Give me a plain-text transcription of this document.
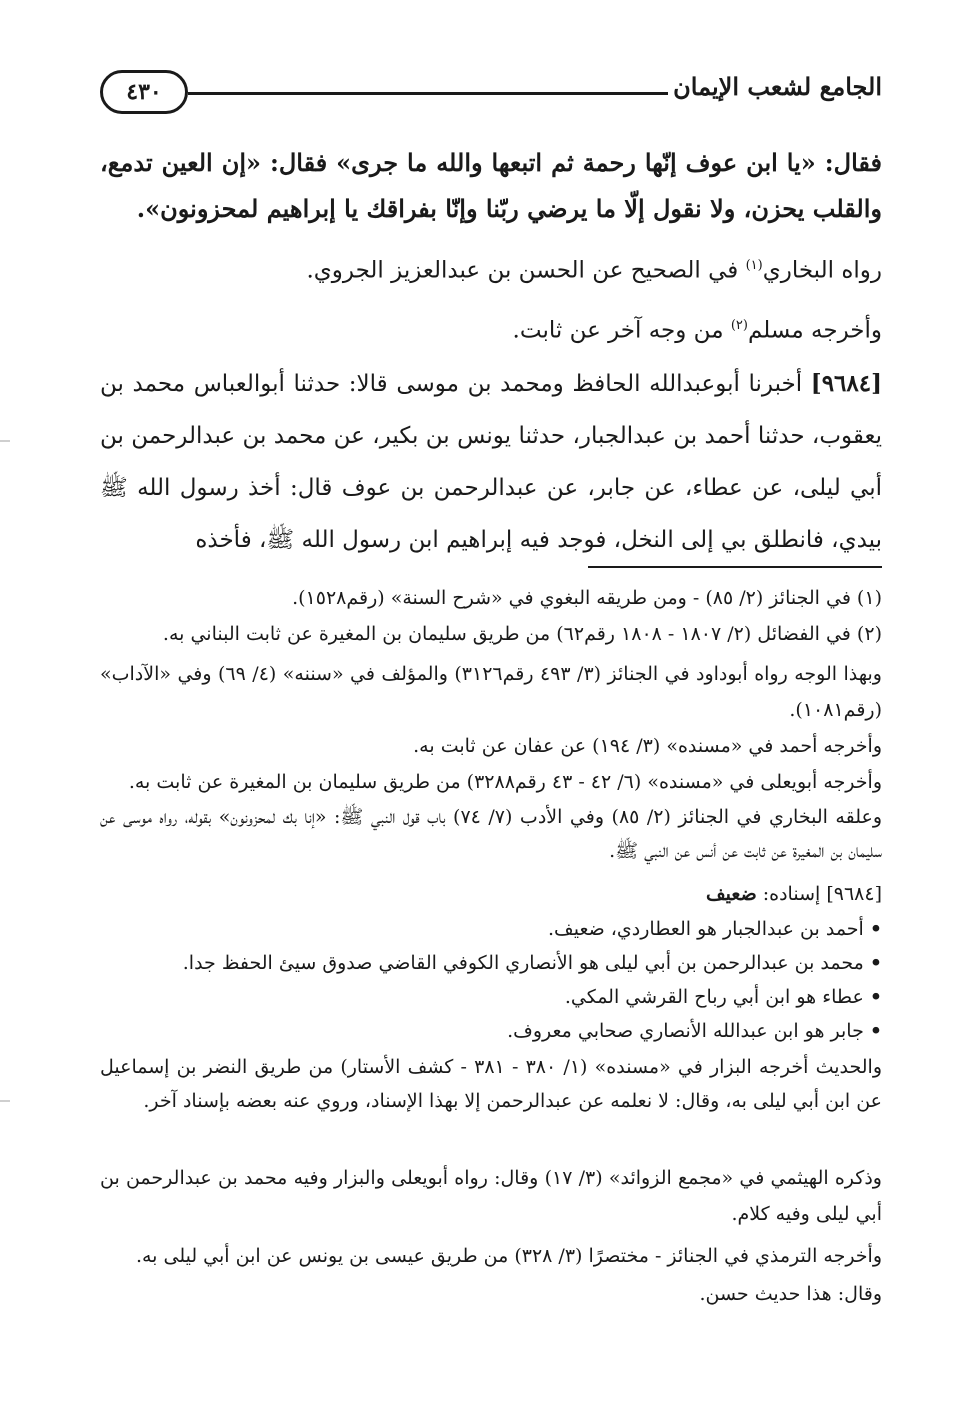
٤٣٠	الجامع لشعب الإيمان
فقال: «يا ابن عوف إنّها رحمة ثم اتبعها والله ما جرى» فقال: «إن العين تدمع، والقلب يحزن، ولا نقول إلّا ما يرضي ربّنا وإنّا بفراقك يا إبراهيم لمحزونون».
رواه البخاري$^{(١)}$ في الصحيح عن الحسن بن عبدالعزيز الجروي.
وأخرجه مسلم$^{(٢)}$ من وجه آخر عن ثابت.
[٩٦٨٤] أخبرنا أبوعبدالله الحافظ ومحمد بن موسى قالا: حدثنا أبوالعباس محمد بن يعقوب، حدثنا أحمد بن عبدالجبار، حدثنا يونس بن بكير، عن محمد بن عبدالرحمن بن أبي ليلى، عن عطاء، عن جابر، عن عبدالرحمن بن عوف قال: أخذ رسول الله ﷺ بيدي، فانطلق بي إلى النخل، فوجد فيه إبراهيم ابن رسول الله ﷺ، فأخذه
(١) في الجنائز (٢/ ٨٥) - ومن طريقه البغوي في «شرح السنة» (رقم١٥٢٨).
(٢) في الفضائل (٢/ ١٨٠٧ - ١٨٠٨ رقم٦٢) من طريق سليمان بن المغيرة عن ثابت البناني به.
وبهذا الوجه رواه أبوداود في الجنائز (٣/ ٤٩٣ رقم٣١٢٦) والمؤلف في «سننه» (٤/ ٦٩) وفي «الآداب» (رقم١٠٨١).
وأخرجه أحمد في «مسنده» (٣/ ١٩٤) عن عفان عن ثابت به.
وأخرجه أبويعلى في «مسنده» (٦/ ٤٢ - ٤٣ رقم٣٢٨٨) من طريق سليمان بن المغيرة عن ثابت به.
وعلقه البخاري في الجنائز (٢/ ٨٥) وفي الأدب (٧/ ٧٤) باب قول النبي ﷺ: «إنا بك لمحزونون» بقوله، رواه موسى عن سليمان بن المغيرة عن ثابت عن أنس عن النبي ﷺ.
[٩٦٨٤] إسناده: ضعيف
•أحمد بن عبدالجبار هو العطاردي، ضعيف.
•محمد بن عبدالرحمن بن أبي ليلى هو الأنصاري الكوفي القاضي صدوق سيئ الحفظ جدا.
•عطاء هو ابن أبي رباح القرشي المكي.
•جابر هو ابن عبدالله الأنصاري صحابي معروف.
والحديث أخرجه البزار في «مسنده» (١/ ٣٨٠ - ٣٨١ - كشف الأستار) من طريق النضر بن إسماعيل عن ابن أبي ليلى به، وقال: لا نعلمه عن عبدالرحمن إلا بهذا الإسناد، وروي عنه بعضه بإسناد آخر.
وذكره الهيثمي في «مجمع الزوائد» (٣/ ١٧) وقال: رواه أبويعلى والبزار وفيه محمد بن عبدالرحمن بن أبي ليلى وفيه كلام.
وأخرجه الترمذي في الجنائز - مختصرًا (٣/ ٣٢٨) من طريق عيسى بن يونس عن ابن أبي ليلى به.
وقال: هذا حديث حسن.
